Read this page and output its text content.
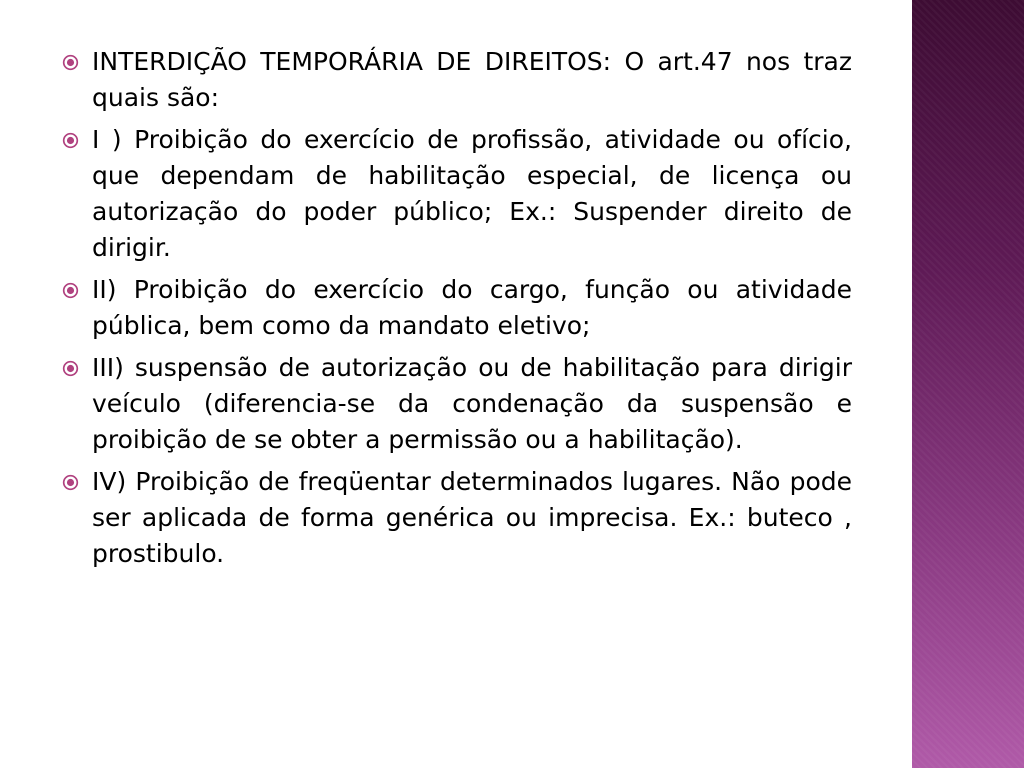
INTERDIÇÃO TEMPORÁRIA DE DIREITOS: O art.47 nos traz quais são:
I ) Proibição do exercício de profissão, atividade ou ofício, que dependam de habilitação especial, de licença ou autorização do poder público; Ex.: Suspender direito de dirigir.
II) Proibição do exercício do cargo, função ou atividade pública, bem como da mandato eletivo;
III) suspensão de autorização ou de habilitação para dirigir veículo (diferencia-se da condenação da suspensão e proibição de se obter a permissão ou a habilitação).
IV) Proibição de freqüentar determinados lugares. Não pode ser aplicada de forma genérica ou imprecisa. Ex.: buteco , prostibulo.
